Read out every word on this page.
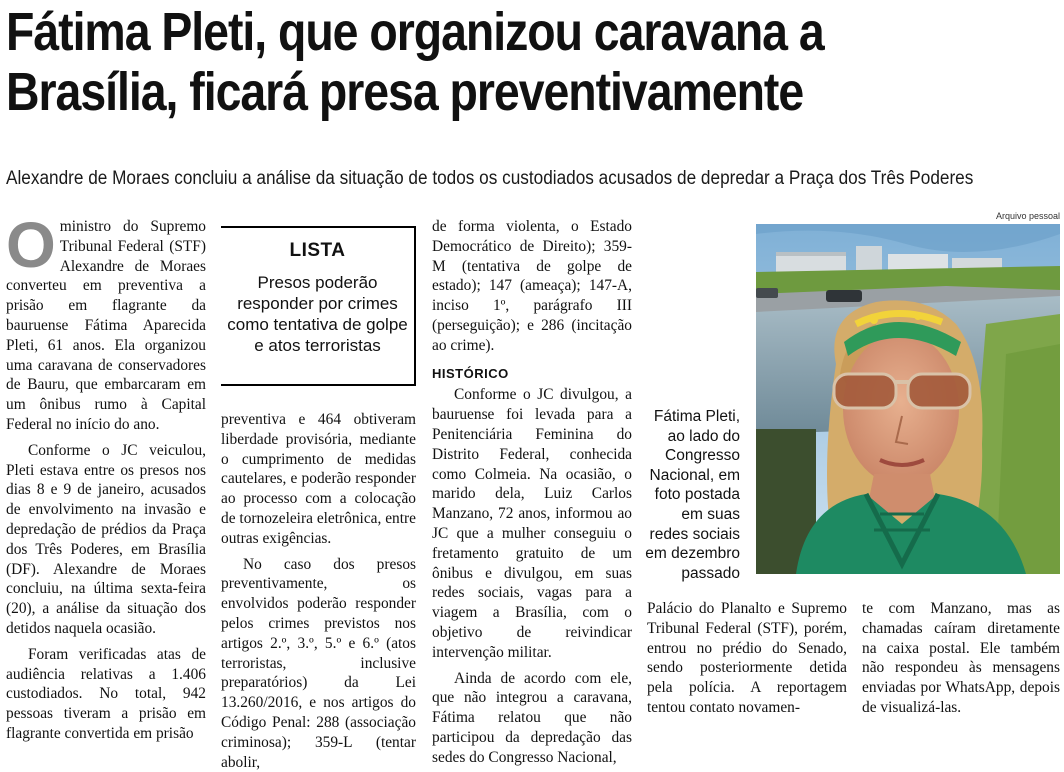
Fátima Pleti, que organizou caravana a
Brasília, ficará presa preventivamente
Alexandre de Moraes concluiu a análise da situação de todos os custodiados acusados de depredar a Praça dos Três Poderes

Oministro do Supremo Tribunal Federal (STF) Alexandre de Moraes converteu em preventiva a prisão em flagrante da bauruense Fátima Aparecida Pleti, 61 anos. Ela organizou uma caravana de conservadores de Bauru, que embarcaram em um ônibus rumo à Capital Federal no início do ano.

Conforme o JC veiculou, Pleti estava entre os presos nos dias 8 e 9 de janeiro, acusados de envolvimento na invasão e depredação de prédios da Praça dos Três Poderes, em Brasília (DF). Alexandre de Moraes concluiu, na última sexta-feira (20), a análise da situação dos detidos naquela ocasião.

Foram verificadas atas de audiência relativas a 1.406 custodiados. No total, 942 pessoas tiveram a prisão em flagrante convertida em prisão

LISTA
Presos poderão responder por crimes como tentativa de golpe e atos terroristas

preventiva e 464 obtiveram liberdade provisória, mediante o cumprimento de medidas cautelares, e poderão responder ao processo com a colocação de tornozeleira eletrônica, entre outras exigências.

No caso dos presos preventivamente, os envolvidos poderão responder pelos crimes previstos nos artigos 2.º, 3.º, 5.º e 6.º (atos terroristas, inclusive preparatórios) da Lei 13.260/2016, e nos artigos do Código Penal: 288 (associação criminosa); 359-L (tentar abolir,

de forma violenta, o Estado Democrático de Direito); 359-M (tentativa de golpe de estado); 147 (ameaça); 147-A, inciso 1º, parágrafo III (perseguição); e 286 (incitação ao crime).

HISTÓRICO

Conforme o JC divulgou, a bauruense foi levada para a Penitenciária Feminina do Distrito Federal, conhecida como Colmeia. Na ocasião, o marido dela, Luiz Carlos Manzano, 72 anos, informou ao JC que a mulher conseguiu o fretamento gratuito de um ônibus e divulgou, em suas redes sociais, vagas para a viagem a Brasília, com o objetivo de reivindicar intervenção militar.

Ainda de acordo com ele, que não integrou a caravana, Fátima relatou que não participou da depredação das sedes do Congresso Nacional,

Arquivo pessoal
Fátima Pleti, ao lado do Congresso Nacional, em foto postada em suas redes sociais em dezembro passado

Palácio do Planalto e Supremo Tribunal Federal (STF), porém, entrou no prédio do Senado, sendo posteriormente detida pela polícia. A reportagem tentou contato novamen-

te com Manzano, mas as chamadas caíram diretamente na caixa postal. Ele também não respondeu às mensagens enviadas por WhatsApp, depois de visualizá-las.
